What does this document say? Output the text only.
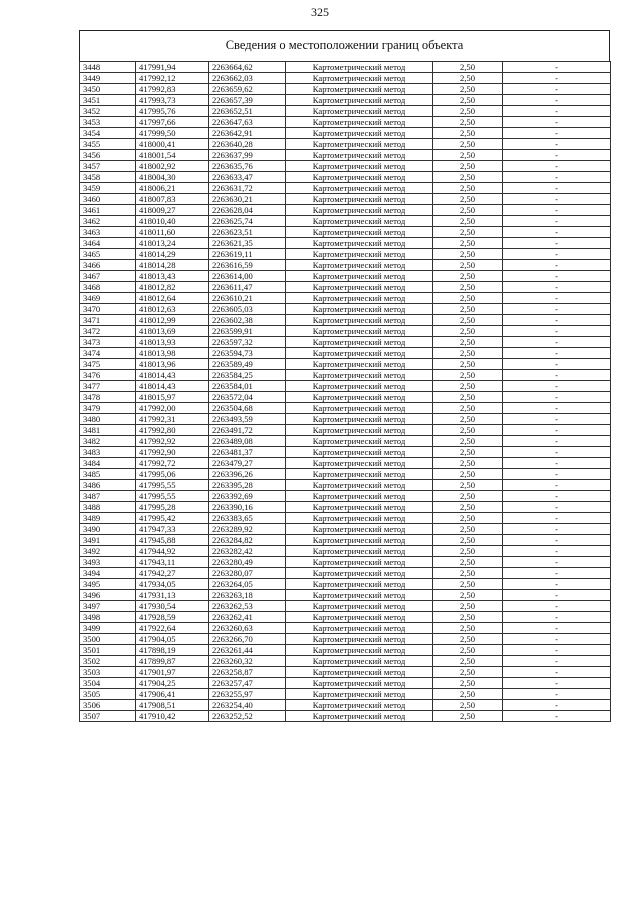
325
Сведения о местоположении границ объекта
3448	417991,94	2263664,62	Картометрический метод	2,50	-
3449	417992,12	2263662,03	Картометрический метод	2,50	-
3450	417992,83	2263659,62	Картометрический метод	2,50	-
3451	417993,73	2263657,39	Картометрический метод	2,50	-
3452	417995,76	2263652,51	Картометрический метод	2,50	-
3453	417997,66	2263647,63	Картометрический метод	2,50	-
3454	417999,50	2263642,91	Картометрический метод	2,50	-
3455	418000,41	2263640,28	Картометрический метод	2,50	-
3456	418001,54	2263637,99	Картометрический метод	2,50	-
3457	418002,92	2263635,76	Картометрический метод	2,50	-
3458	418004,30	2263633,47	Картометрический метод	2,50	-
3459	418006,21	2263631,72	Картометрический метод	2,50	-
3460	418007,83	2263630,21	Картометрический метод	2,50	-
3461	418009,27	2263628,04	Картометрический метод	2,50	-
3462	418010,40	2263625,74	Картометрический метод	2,50	-
3463	418011,60	2263623,51	Картометрический метод	2,50	-
3464	418013,24	2263621,35	Картометрический метод	2,50	-
3465	418014,29	2263619,11	Картометрический метод	2,50	-
3466	418014,28	2263616,59	Картометрический метод	2,50	-
3467	418013,43	2263614,00	Картометрический метод	2,50	-
3468	418012,82	2263611,47	Картометрический метод	2,50	-
3469	418012,64	2263610,21	Картометрический метод	2,50	-
3470	418012,63	2263605,03	Картометрический метод	2,50	-
3471	418012,99	2263602,38	Картометрический метод	2,50	-
3472	418013,69	2263599,91	Картометрический метод	2,50	-
3473	418013,93	2263597,32	Картометрический метод	2,50	-
3474	418013,98	2263594,73	Картометрический метод	2,50	-
3475	418013,96	2263589,49	Картометрический метод	2,50	-
3476	418014,43	2263584,25	Картометрический метод	2,50	-
3477	418014,43	2263584,01	Картометрический метод	2,50	-
3478	418015,97	2263572,04	Картометрический метод	2,50	-
3479	417992,00	2263504,68	Картометрический метод	2,50	-
3480	417992,31	2263493,59	Картометрический метод	2,50	-
3481	417992,80	2263491,72	Картометрический метод	2,50	-
3482	417992,92	2263489,08	Картометрический метод	2,50	-
3483	417992,90	2263481,37	Картометрический метод	2,50	-
3484	417992,72	2263479,27	Картометрический метод	2,50	-
3485	417995,06	2263396,26	Картометрический метод	2,50	-
3486	417995,55	2263395,28	Картометрический метод	2,50	-
3487	417995,55	2263392,69	Картометрический метод	2,50	-
3488	417995,28	2263390,16	Картометрический метод	2,50	-
3489	417995,42	2263383,65	Картометрический метод	2,50	-
3490	417947,33	2263289,92	Картометрический метод	2,50	-
3491	417945,88	2263284,82	Картометрический метод	2,50	-
3492	417944,92	2263282,42	Картометрический метод	2,50	-
3493	417943,11	2263280,49	Картометрический метод	2,50	-
3494	417942,27	2263280,07	Картометрический метод	2,50	-
3495	417934,05	2263264,05	Картометрический метод	2,50	-
3496	417931,13	2263263,18	Картометрический метод	2,50	-
3497	417930,54	2263262,53	Картометрический метод	2,50	-
3498	417928,59	2263262,41	Картометрический метод	2,50	-
3499	417922,64	2263260,63	Картометрический метод	2,50	-
3500	417904,05	2263266,70	Картометрический метод	2,50	-
3501	417898,19	2263261,44	Картометрический метод	2,50	-
3502	417899,87	2263260,32	Картометрический метод	2,50	-
3503	417901,97	2263258,87	Картометрический метод	2,50	-
3504	417904,25	2263257,47	Картометрический метод	2,50	-
3505	417906,41	2263255,97	Картометрический метод	2,50	-
3506	417908,51	2263254,40	Картометрический метод	2,50	-
3507	417910,42	2263252,52	Картометрический метод	2,50	-
